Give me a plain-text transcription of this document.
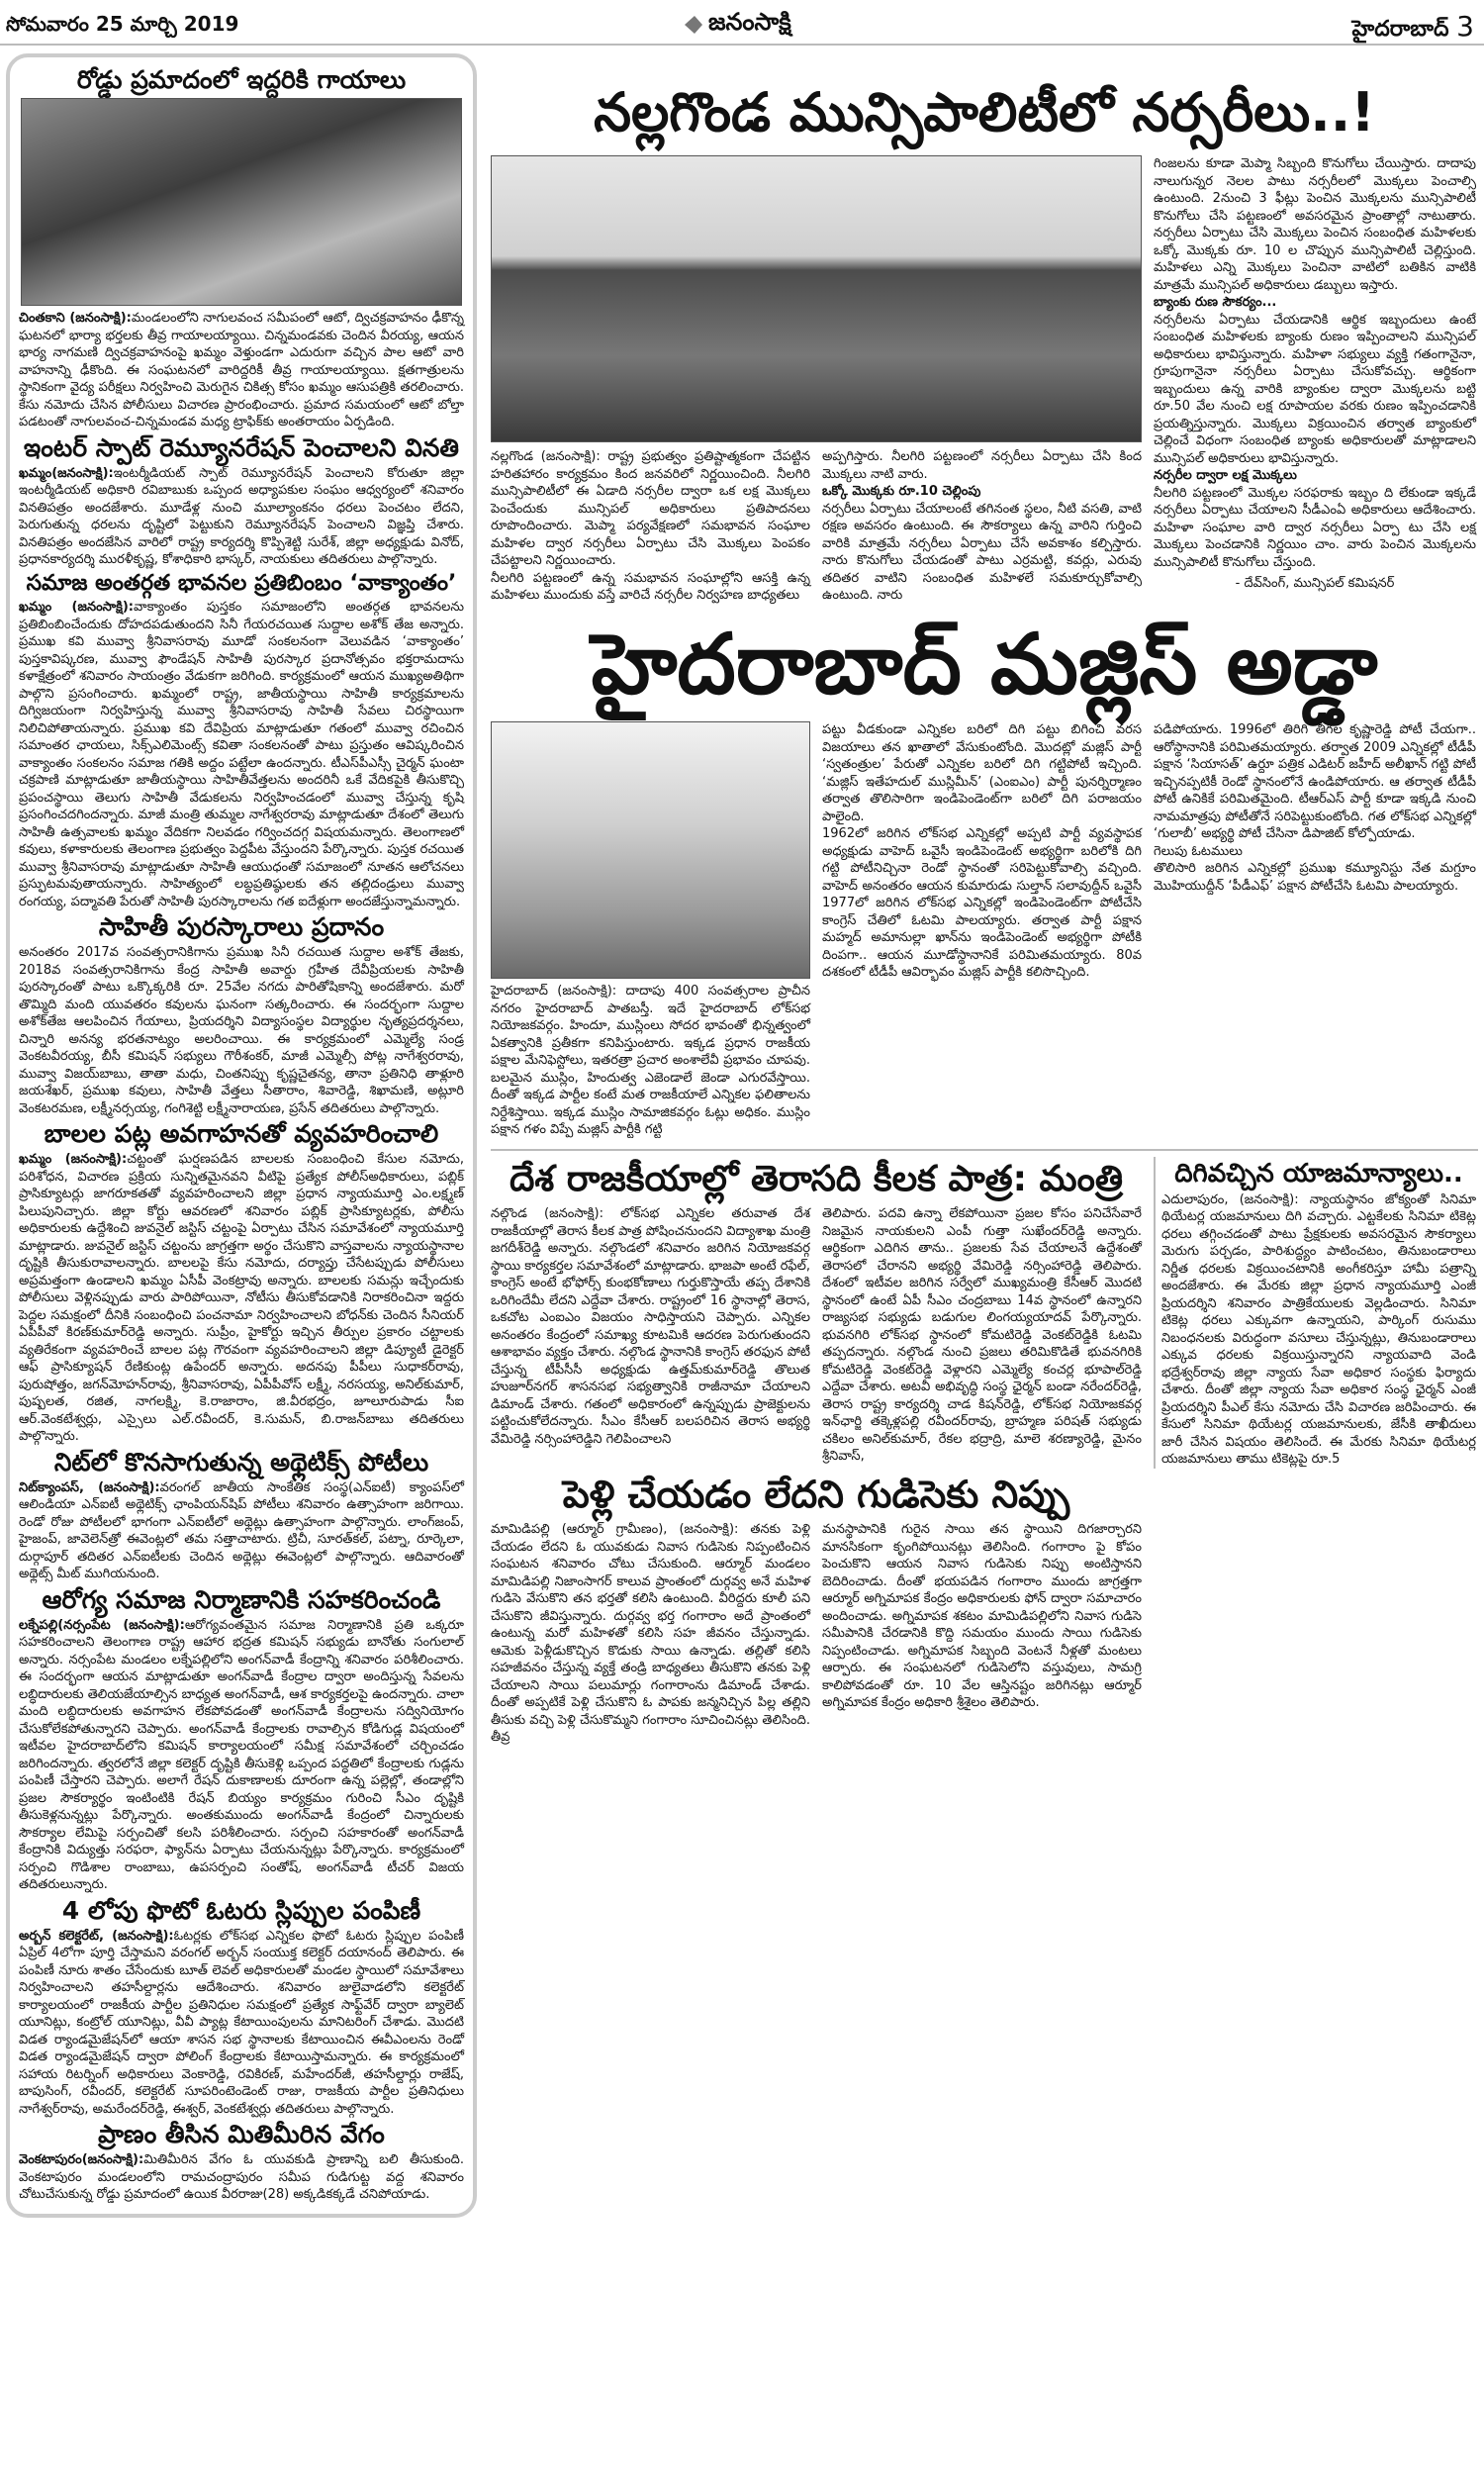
సోమవారం 25 మార్చి 2019	జనంసాక్షి	హైదరాబాద్ 3
రోడ్డు ప్రమాదంలో ఇద్దరికి గాయాలు
చింతకాని (జనంసాక్షి):మండలంలోని నాగులవంచ సమీపంలో ఆటో, ద్విచక్రవాహనం ఢీకొన్న ఘటనలో భార్యా భర్తలకు తీవ్ర గాయాలయ్యాయి. చిన్నమండవకు చెందిన వీరయ్య, ఆయన భార్య నాగమణి ద్విచక్రవాహనంపై ఖమ్మం వెళ్తుండగా ఎదురుగా వచ్చిన పాల ఆటో వారి వాహనాన్ని ఢీకొంది. ఈ సంఘటనలో వారిద్దరికీ తీవ్ర గాయాలయ్యాయి. క్షతగాత్రులను స్థానికంగా వైద్య పరీక్షలు నిర్వహించి మెరుగైన చికిత్స కోసం ఖమ్మం ఆసుపత్రికి తరలించారు. కేసు నమోదు చేసిన పోలీసులు విచారణ ప్రారంభించారు. ప్రమాద సమయంలో ఆటో బోల్తా పడటంతో నాగులవంచ-చిన్నమండవ మధ్య ట్రాఫిక్‌కు అంతరాయం ఏర్పడింది.
ఇంటర్ స్పాట్ రెమ్యూనరేషన్ పెంచాలని వినతి
ఖమ్మం(జనంసాక్షి):ఇంటర్మీడియట్ స్పాట్ రెమ్యూనరేషన్ పెంచాలని కోరుతూ జిల్లా ఇంటర్మీడియట్ అధికారి రవిబాబుకు ఒప్పంద అధ్యాపకుల సంఘం ఆధ్వర్యంలో శనివారం వినతిపత్రం అందజేశారు. మూడేళ్ల నుంచి మూల్యాంకనం ధరలు పెంచటం లేదని, పెరుగుతున్న ధరలను దృష్టిలో పెట్టుకుని రెమ్యూనరేషన్ పెంచాలని విజ్ఞప్తి చేశారు. వినతిపత్రం అందజేసిన వారిలో రాష్ట్ర కార్యదర్శి కొప్పిశెట్టి సురేశ్, జిల్లా అధ్యక్షుడు వినోద్, ప్రధానకార్యదర్శి మురళీకృష్ణ, కోశాధికారి భాస్కర్, నాయకులు తదితరులు పాల్గొన్నారు.
సమాజ అంతర్గత భావనల ప్రతిబింబం ‘వాక్యాంతం’
ఖమ్మం (జనంసాక్షి):వాక్యాంతం పుస్తకం సమాజంలోని అంతర్గత భావనలను ప్రతిబింబించేందుకు దోహదపడుతుందని సినీ గేయరచయిత సుద్దాల అశోక్ తేజ అన్నారు. ప్రముఖ కవి మువ్వా శ్రీనివాసరావు మూడో సంకలనంగా వెలువడిన ‘వాక్యాంతం’ పుస్తకావిష్కరణ, మువ్వా ఫౌండేషన్ సాహితీ పురస్కార ప్రదానోత్సవం భక్తరామదాసు కళాక్షేత్రంలో శనివారం సాయంత్రం వేడుకగా జరిగింది. కార్యక్రమంలో ఆయన ముఖ్యఅతిథిగా పాల్గొని ప్రసంగించారు. ఖమ్మంలో రాష్ట్ర, జాతీయస్థాయి సాహితీ కార్యక్రమాలను దిగ్విజయంగా నిర్వహిస్తున్న మువ్వా శ్రీనివాసరావు సాహితీ సేవలు చిరస్థాయిగా నిలిచిపోతాయన్నారు. ప్రముఖ కవి దేవిప్రియ మాట్లాడుతూ గతంలో మువ్వా రచించిన సమాంతర ఛాయలు, సిక్స్‌ఎలిమెంట్స్ కవితా సంకలనంతో పాటు ప్రస్తుతం ఆవిష్కరించిన వాక్యాంతం సంకలనం సమాజ గతికి అద్దం పట్టేలా ఉందన్నారు. టీఎస్‌పీఎస్సీ చైర్మన్ ఘంటా చక్రపాణి మాట్లాడుతూ జాతీయస్థాయి సాహితీవేత్తలను అందరినీ ఒకే వేదికపైకి తీసుకొచ్చి ప్రపంచస్థాయి తెలుగు సాహితీ వేడుకలను నిర్వహించడంలో మువ్వా చేస్తున్న కృషి ప్రసంగించదగిందన్నారు. మాజీ మంత్రి తుమ్మల నాగేశ్వరరావు మాట్లాడుతూ దేశంలో తెలుగు సాహితీ ఉత్సవాలకు ఖమ్మం వేదికగా నిలవడం గర్వించదగ్గ విషయమన్నారు. తెలంగాణలో కవులు, కళాకారులకు తెలంగాణ ప్రభుత్వం పెద్దపీట వేస్తుందని పేర్కొన్నారు. పుస్తక రచయిత మువ్వా శ్రీనివాసరావు మాట్లాడుతూ సాహితీ ఆయుధంతో సమాజంలో నూతన ఆలోచనలు ప్రస్ఫుటమవుతాయన్నారు. సాహిత్యంలో లబ్ధప్రతిష్ఠులకు తన తల్లిదండ్రులు మువ్వా రంగయ్య, పద్మావతి పేరుతో సాహితీ పురస్కారాలను గత ఐదేళ్లుగా అందజేస్తున్నామన్నారు.
సాహితీ పురస్కారాలు ప్రదానం
అనంతరం 2017వ సంవత్సరానికిగాను ప్రముఖ సినీ రచయిత సుద్దాల అశోక్ తేజకు, 2018వ సంవత్సరానికిగాను కేంద్ర సాహితీ అవార్డు గ్రహీత దేవీప్రియలకు సాహితీ పురస్కారంతో పాటు ఒక్కొక్కరికి రూ. 25వేల నగదు పారితోషికాన్ని అందజేశారు. మరో తొమ్మిది మంది యువతరం కవులను ఘనంగా సత్కరించారు. ఈ సందర్భంగా సుద్దాల అశోక్‌తేజ ఆలపించిన గేయాలు, ప్రియదర్శిని విద్యాసంస్థల విద్యార్థుల నృత్యప్రదర్శనలు, చిన్నారి అనన్య భరతనాట్యం అలరించాయి. ఈ కార్యక్రమంలో ఎమ్మెల్యే సండ్ర వెంకటవీరయ్య, బీసీ కమిషన్ సభ్యులు గౌరీశంకర్, మాజీ ఎమ్మెల్సీ పోట్ల నాగేశ్వరరావు, మువ్వా విజయ్‌బాబు, తాతా మధు, చింతనిప్పు కృష్ణచైతన్య, తానా ప్రతినిధి తాళ్లూరి జయశేఖర్, ప్రముఖ కవులు, సాహితీ వేత్తలు సీతారాం, శివారెడ్డి, శిఖామణి, అట్లూరి వెంకటరమణ, లక్ష్మీనర్సయ్య, గంగిశెట్టి లక్ష్మీనారాయణ, ప్రసేన్ తదితరులు పాల్గొన్నారు.
బాలల పట్ల అవగాహనతో వ్యవహరించాలి
ఖమ్మం (జనంసాక్షి):చట్టంతో ఘర్షణపడిన బాలలకు సంబంధించి కేసుల నమోదు, పరిశోధన, విచారణ ప్రక్రియ సున్నితమైనవని వీటిపై ప్రత్యేక పోలీస్‌అధికారులు, పబ్లిక్ ప్రాసిక్యూటర్లు జాగరూకతతో వ్యవహరించాలని జిల్లా ప్రధాన న్యాయమూర్తి ఎం.లక్ష్మణ్ పిలుపునిచ్చారు. జిల్లా కోర్టు ఆవరణలో శనివారం పబ్లిక్ ప్రాసిక్యూటర్లకు, పోలీసు అధికారులకు ఉద్దేశించి జువనైల్ జస్టిస్ చట్టంపై ఏర్పాటు చేసిన సమావేశంలో న్యాయమూర్తి మాట్లాడారు. జువనైల్ జస్టిస్ చట్టంను జాగ్రత్తగా అర్థం చేసుకొని వాస్తవాలను న్యాయస్థానాల దృష్టికి తీసుకురావాలన్నారు. బాలలపై కేసు నమోదు, దర్యాప్తు చేసేటప్పుడు పోలీసులు అప్రమత్తంగా ఉండాలని ఖమ్మం ఏసీపీ వెంకట్రావు అన్నారు. బాలలకు సమన్లు ఇచ్చేందుకు పోలీసులు వెళ్లినప్పుడు వారు పారిపోయినా, నోటీసు తీసుకోవడానికి నిరాకరించినా ఇద్దరు పెద్దల సమక్షంలో దీనికి సంబంధించి పంచనామా నిర్వహించాలని బోధన్‌కు చెందిన సీనియర్ ఏపీపీవో కిరణ్‌కుమార్‌రెడ్డి అన్నారు. సుప్రీం, హైకోర్టు ఇచ్చిన తీర్పుల ప్రకారం చట్టాలకు వ్యతిరేకంగా వ్యవహరించే బాలల పట్ల గౌరవంగా వ్యవహరించాలని జిల్లా డిప్యూటీ డైరెక్టర్ ఆఫ్ ప్రాసిక్యూషన్ రేణికుంట్ల ఉపేందర్ అన్నారు. అదనపు పీపీలు సుధాకర్‌రావు, పురుషోత్తం, జగన్‌మోహన్‌రావు, శ్రీనివాసరావు, ఏపీపీవోస్ లక్ష్మీ, నరసయ్య, అనిల్‌కుమార్, పుష్పలత, రజిత, నాగలక్ష్మి, కె.రాజారాం, జి.వీరభద్రం, జూలూరుపాడు సీఐ ఆర్.వెంకటేశ్వర్లు, ఎస్సైలు ఎల్.రవీందర్, కె.సుమన్, బి.రాజన్‌బాబు తదితరులు పాల్గొన్నారు.
నిట్‌లో కొనసాగుతున్న అథ్లెటిక్స్ పోటీలు
నిట్‌క్యాంపస్, (జనంసాక్షి):వరంగల్ జాతీయ సాంకేతిక సంస్థ(ఎన్ఐటీ) క్యాంపస్‌లో ఆలిండియా ఎన్ఐటీ అథ్లెటిక్స్ ఛాంపియన్‌షిప్ పోటీలు శనివారం ఉత్సాహంగా జరిగాయి. రెండో రోజు పోటీలలో భాగంగా ఎన్ఐటీలో అథ్లెట్లు ఉత్సాహంగా పాల్గొన్నారు. లాంగ్‌జంప్, హైజంప్, జావెలెన్‌త్రో ఈవెంట్లలో తమ సత్తాచాటారు. ట్రిచీ, సూరత్‌కల్, పట్నా, రూర్కెలా, దుర్గాపూర్ తదితర ఎన్ఐటీలకు చెందిన అథ్లెట్లు ఈవెంట్లలో పాల్గొన్నారు. ఆదివారంతో అథ్లెట్స్ మీట్ ముగియనుంది.
ఆరోగ్య సమాజ నిర్మాణానికి సహకరించండి
లక్నేపల్లి(నర్సంపేట (జనంసాక్షి):ఆరోగ్యవంతమైన సమాజ నిర్మాణానికి ప్రతి ఒక్కరూ సహకరించాలని తెలంగాణ రాష్ట్ర ఆహార భద్రత కమిషన్ సభ్యుడు బానోతు సంగులాల్ అన్నారు. నర్సంపేట మండలం లక్నేపల్లిలోని అంగన్‌వాడీ కేంద్రాన్ని శనివారం పరిశీలించారు. ఈ సందర్భంగా ఆయన మాట్లాడుతూ అంగన్‌వాడీ కేంద్రాల ద్వారా అందిస్తున్న సేవలను లబ్ధిదారులకు తెలియజేయాల్సిన బాధ్యత అంగన్‌వాడీ, ఆశ కార్యకర్తలపై ఉందన్నారు. చాలా మంది లబ్ధిదారులకు అవగాహన లేకపోవడంతో అంగన్‌వాడీ కేంద్రాలను సద్వినియోగం చేసుకోలేకపోతున్నారని చెప్పారు. అంగన్‌వాడీ కేంద్రాలకు రావాల్సిన కోడిగుడ్ల విషయంలో ఇటీవల హైదరాబాద్‌లోని కమిషన్ కార్యాలయంలో సమీక్ష సమావేశంలో చర్చించడం జరిగిందన్నారు. త్వరలోనే జిల్లా కలెక్టర్ దృష్టికి తీసుకెళ్లి ఒప్పంద పద్ధతిలో కేంద్రాలకు గుడ్లను పంపిణీ చేస్తారని చెప్పారు. అలాగే రేషన్ దుకాణాలకు దూరంగా ఉన్న పల్లెల్లో, తండాల్లోని ప్రజల సౌకర్యార్థం ఇంటింటికి రేషన్ బియ్యం కార్యక్రమం గురించి సీఎం దృష్టికి తీసుకెళ్లనున్నట్లు పేర్కొన్నారు. అంతకుముందు అంగన్‌వాడీ కేంద్రంలో చిన్నారులకు సౌకర్యాల లేమిపై సర్పంచితో కలసి పరిశీలించారు. సర్పంచి సహకారంతో అంగన్‌వాడీ కేంద్రానికి విద్యుత్తు సరఫరా, ఫ్యాన్‌ను ఏర్పాటు చేయనున్నట్లు పేర్కొన్నారు. కార్యక్రమంలో సర్పంచి గొడిశాల రాంబాబు, ఉపసర్పంచి సంతోష్, అంగన్‌వాడీ టీచర్ విజయ తదితరులున్నారు.
4 లోపు ఫొటో ఓటరు స్లిప్పుల పంపిణీ
అర్బన్ కలెక్టరేట్, (జనంసాక్షి):ఓటర్లకు లోక్‌సభ ఎన్నికల ఫొటో ఓటరు స్లిప్పుల పంపిణీ ఏప్రిల్ 4లోగా పూర్తి చేస్తామని వరంగల్ అర్బన్ సంయుక్త కలెక్టర్ దయానంద్ తెలిపారు. ఈ పంపిణీ నూరు శాతం చేసేందుకు బూత్ లెవల్ అధికారులతో మండల స్థాయిలో సమావేశాలు నిర్వహించాలని తహసీల్దార్లను ఆదేశించారు. శనివారం జులైవాడలోని కలెక్టరేట్ కార్యాలయంలో రాజకీయ పార్టీల ప్రతినిధుల సమక్షంలో ప్రత్యేక సాఫ్ట్‌వేర్ ద్వారా బ్యాలెట్ యూనిట్లు, కంట్రోల్ యూనిట్లు, వీవీ ప్యాట్ల కేటాయింపులను మానిటరింగ్ చేశాడు. మొదటి విడత ర్యాండమైజేషన్‌లో ఆయా శాసన సభ స్థానాలకు కేటాయించిన ఈవీఎంలను రెండో విడత ర్యాండమైజేషన్ ద్వారా పోలింగ్ కేంద్రాలకు కేటాయిస్తామన్నారు. ఈ కార్యక్రమంలో సహాయ రిటర్నింగ్ అధికారులు వెంకారెడ్డి, రవికిరణ్, మహేందర్‌జీ, తహసీల్దార్లు రాజేష్, బాపుసింగ్, రవీందర్, కలెక్టరేట్ సూపరింటెండెంట్ రాజు, రాజకీయ పార్టీల ప్రతినిధులు నాగేశ్వర్‌రావు, అమరేందర్‌రెడ్డి, ఈశ్వర్, వెంకటేశ్వర్లు తదితరులు పాల్గొన్నారు.
ప్రాణం తీసిన మితిమీరిన వేగం
వెంకటాపురం(జనంసాక్షి):మితిమీరిన వేగం ఓ యువకుడి ప్రాణాన్ని బలి తీసుకుంది. వెంకటాపురం మండలంలోని రామచంద్రాపురం సమీప గుడిగుట్ట వద్ద శనివారం చోటుచేసుకున్న రోడ్డు ప్రమాదంలో ఉయిక వీరరాజు(28) అక్కడికక్కడే చనిపోయాడు.
నల్లగొండ మున్సిపాలిటీలో నర్సరీలు..!

నల్లగొండ (జనంసాక్షి): రాష్ట్ర ప్రభుత్వం ప్రతిష్టాత్మకంగా చేపట్టిన హరితహారం కార్యక్రమం కింద జనవరిలో నిర్ణయించింది. నీలగిరి మున్సిపాలిటీలో ఈ ఏడాది నర్సరీల ద్వారా ఒక లక్ష మొక్కలు పెంచేందుకు మున్సిపల్ అధికారులు ప్రతిపాదనలు రూపొందించారు. మెప్మా పర్యవేక్షణలో సమభావన సంఘాల మహిళల ద్వార నర్సరీలు ఏర్పాటు చేసి మొక్కలు పెంపకం చేపట్టాలని నిర్ణయించారు.

నీలగిరి పట్టణంలో ఉన్న సమభావన సంఘాల్లోని ఆసక్తి ఉన్న మహిళలు ముందుకు వస్తే వారిచే నర్సరీల నిర్వహణ బాధ్యతలు

అప్పగిస్తారు. నీలగిరి పట్టణంలో నర్సరీలు ఏర్పాటు చేసి కింద మొక్కలు నాటి వారు.

ఒక్కో మొక్కకు రూ.10 చెల్లింపు

నర్సరీలు ఏర్పాటు చేయాలంటే తగినంత స్థలం, నీటి వసతి, వాటి రక్షణ అవసరం ఉంటుంది. ఈ సౌకర్యాలు ఉన్న వారిని గుర్తించి వారికి మాత్రమే నర్సరీలు ఏర్పాటు చేసే అవకాశం కల్పిస్తారు. నారు కొనుగోలు చేయడంతో పాటు ఎర్రమట్టి, కవర్లు, ఎరువు తదితర వాటిని సంబంధిత మహిళలే సమకూర్చుకోవాల్సి ఉంటుంది. నారు

గింజలను కూడా మెప్మా సిబ్బంది కొనుగోలు చేయిస్తారు. దాదాపు నాలుగున్నర నెలల పాటు నర్సరీలలో మొక్కలు పెంచాల్సి ఉంటుంది. 2నుంచి 3 ఫీట్లు పెంచిన మొక్కలను మున్సిపాలిటీ కొనుగోలు చేసి పట్టణంలో అవసరమైన ప్రాంతాల్లో నాటుతారు. నర్సరీలు ఏర్పాటు చేసి మొక్కలు పెంచిన సంబంధిత మహిళలకు ఒక్కో మొక్కకు రూ. 10 ల చొప్పున మున్సిపాలిటీ చెల్లిస్తుంది. మహిళలు ఎన్ని మొక్కలు పెంచినా వాటిలో బతికిన వాటికి మాత్రమే మున్సిపల్ అధికారులు డబ్బులు ఇస్తారు.

బ్యాంకు రుణ సౌకర్యం...

నర్సరీలను ఏర్పాటు చేయడానికి ఆర్థిక ఇబ్బందులు ఉంటే సంబంధిత మహిళలకు బ్యాంకు రుణం ఇప్పించాలని మున్సిపల్ అధికారులు భావిస్తున్నారు. మహిళా సభ్యులు వ్యక్తి గతంగానైనా, గ్రూపుగానైనా నర్సరీలు ఏర్పాటు చేసుకోవచ్చు. ఆర్థికంగా ఇబ్బందులు ఉన్న వారికి బ్యాంకుల ద్వారా మొక్కలను బట్టి రూ.50 వేల నుంచి లక్ష రూపాయల వరకు రుణం ఇప్పించడానికి ప్రయత్నిస్తున్నారు. మొక్కలు విక్రయించిన తర్వాత బ్యాంకులో చెల్లించే విధంగా సంబంధిత బ్యాంకు అధికారులతో మాట్లాడాలని మున్సిపల్ అధికారులు భావిస్తున్నారు.

నర్సరీల ద్వారా లక్ష మొక్కలు

నీలగిరి పట్టణంలో మొక్కల సరఫరాకు ఇబ్బం ది లేకుండా ఇక్కడే నర్సరీలు ఏర్పాటు చేయాలని సీడీఎంఏ అధికారులు ఆదేశించారు. మహిళా సంఘాల వారి ద్వార నర్సరీలు ఏర్పా టు చేసి లక్ష మొక్కలు పెంచడానికి నిర్ణయిం చాం. వారు పెంచిన మొక్కలను మున్సిపాలిటీ కొనుగోలు చేస్తుంది.

- దేవ్‌సింగ్, మున్సిపల్ కమిషనర్

హైదరాబాద్ మజ్లిస్ అడ్డా

హైదరాబాద్ (జనంసాక్షి): దాదాపు 400 సంవత్సరాల ప్రాచీన నగరం హైదరాబాద్ పాతబస్తీ. ఇదే హైదరాబాద్ లోక్‌సభ నియోజకవర్గం. హిందూ, ముస్లింలు సోదర భావంతో భిన్నత్వంలో ఏకత్వానికి ప్రతీకగా కనిపిస్తుంటారు. ఇక్కడ ప్రధాన రాజకీయ పక్షాల మేనిఫెస్టోలు, ఇతరత్రా ప్రచార అంశాలేవీ ప్రభావం చూపవు. బలమైన ముస్లిం, హిందుత్వ ఎజెండాలే జెండా ఎగురవేస్తాయి. దీంతో ఇక్కడ పార్టీల కంటే మత రాజకీయాలే ఎన్నికల ఫలితాలను నిర్దేశిస్తాయి. ఇక్కడ ముస్లిం సామాజికవర్గం ఓట్లు అధికం. ముస్లిం పక్షాన గళం విప్పే మజ్లిస్ పార్టీకి గట్టి

పట్టు వీడకుండా ఎన్నికల బరిలో దిగి పట్టు బిగించి వరస విజయాలు తన ఖాతాలో వేసుకుంటోంది. మొదట్లో మజ్లిస్ పార్టీ ‘స్వతంత్రుల’ పేరుతో ఎన్నికల బరిలో దిగి గట్టిపోటీ ఇచ్చింది. ‘మజ్లిస్ ఇతేహదుల్ ముస్లిమీన్’ (ఎంఐఎం) పార్టీ పునర్నిర్మాణం తర్వాత తొలిసారిగా ఇండిపెండెంట్‌గా బరిలో దిగి పరాజయం పాలైంది.

1962లో జరిగిన లోక్‌సభ ఎన్నికల్లో అప్పటి పార్టీ వ్యవస్థాపక అధ్యక్షుడు వాహెద్ ఒవైసీ ఇండిపెండెంట్ అభ్యర్థిగా బరిలోకి దిగి గట్టి పోటీనిచ్చినా రెండో స్థానంతో సరిపెట్టుకోవాల్సి వచ్చింది. వాహెద్ అనంతరం ఆయన కుమారుడు సుల్తాన్ సలావుద్దీన్ ఒవైసీ 1977లో జరిగిన లోక్‌సభ ఎన్నికల్లో ఇండిపెండెంట్‌గా పోటీచేసి కాంగ్రెస్ చేతిలో ఓటమి పాలయ్యారు. తర్వాత పార్టీ పక్షాన మహ్మద్ అమానుల్లా ఖాన్‌ను ఇండిపెండెంట్ అభ్యర్థిగా పోటీకి దింపగా.. ఆయన మూడోస్థానానికే పరిమితమయ్యారు. 80వ దశకంలో టీడీపీ ఆవిర్భావం మజ్లిస్ పార్టీకి కలిసొచ్చింది.

పడిపోయారు. 1996లో తిరిగి తీగల కృష్ణారెడ్డి పోటీ చేయగా.. ఆరోస్థానానికి పరిమితమయ్యారు. తర్వాత 2009 ఎన్నికల్లో టీడీపీ పక్షాన ‘సియాసత్’ ఉర్దూ పత్రిక ఎడిటర్ జహీద్ అలీఖాన్ గట్టి పోటీ ఇచ్చినప్పటికీ రెండో స్థానంలోనే ఉండిపోయారు. ఆ తర్వాత టీడీపీ పోటీ ఉనికికే పరిమితమైంది. టీఆర్ఎస్ పార్టీ కూడా ఇక్కడి నుంచి నామమాత్రపు పోటీతోనే సరిపెట్టుకుంటోంది. గత లోక్‌సభ ఎన్నికల్లో ‘గులాబీ’ అభ్యర్థి పోటీ చేసినా డిపాజిట్ కోల్పోయాడు.

గెలుపు ఓటములు

తొలిసారి జరిగిన ఎన్నికల్లో ప్రముఖ కమ్యూనిస్టు నేత మగ్దూం మొహియుద్దీన్ ‘పీడీఎఫ్’ పక్షాన పోటీచేసి ఓటమి పాలయ్యారు.

దేశ రాజకీయాల్లో తెరాసది కీలక పాత్ర: మంత్రి

నల్గొండ (జనంసాక్షి): లోక్‌సభ ఎన్నికల తరువాత దేశ రాజకీయాల్లో తెరాస కీలక పాత్ర పోషించనుందని విద్యాశాఖ మంత్రి జగదీశ్‌రెడ్డి అన్నారు. నల్గొండలో శనివారం జరిగిన నియోజకవర్గ స్థాయి కార్యకర్తల సమావేశంలో మాట్లాడారు. భాజపా అంటే రఫేల్, కాంగ్రెస్ అంటే భోఫోర్స్ కుంభకోణాలు గుర్తుకొస్తాయే తప్ప దేశానికి ఒరిగిందేమీ లేదని ఎద్దేవా చేశారు. రాష్ట్రంలో 16 స్థానాల్లో తెరాస, ఒకచోట ఎంఐఎం విజయం సాధిస్తాయని చెప్పారు. ఎన్నికల అనంతరం కేంద్రంలో సమాఖ్య కూటమికి ఆదరణ పెరుగుతుందని ఆశాభావం వ్యక్తం చేశారు. నల్గొండ స్థానానికి కాంగ్రెస్ తరఫున పోటీ చేస్తున్న టీపీసీసీ అధ్యక్షుడు ఉత్తమ్‌కుమార్‌రెడ్డి తొలుత హుజూర్‌నగర్ శాసనసభ సభ్యత్వానికి రాజీనామా చేయాలని డిమాండ్ చేశారు. గతంలో అధికారంలో ఉన్నప్పుడు ప్రాజెక్టులను పట్టించుకోలేదన్నారు. సీఎం కేసీఆర్ బలపరిచిన తెరాస అభ్యర్థి వేమిరెడ్డి నర్సింహారెడ్డిని గెలిపించాలని

తెలిపారు. పదవి ఉన్నా లేకపోయినా ప్రజల కోసం పనిచేసేవారే నిజమైన నాయకులని ఎంపీ గుత్తా సుఖేందర్‌రెడ్డి అన్నారు. ఆర్థికంగా ఎదిగిన తాను.. ప్రజలకు సేవ చేయాలనే ఉద్దేశంతో తెరాసలో చేరానని అభ్యర్థి వేమిరెడ్డి నర్సింహారెడ్డి తెలిపారు. దేశంలో ఇటీవల జరిగిన సర్వేలో ముఖ్యమంత్రి కేసీఆర్ మొదటి స్థానంలో ఉంటే ఏపీ సీఎం చంద్రబాబు 14వ స్థానంలో ఉన్నారని రాజ్యసభ సభ్యుడు బడుగుల లింగయ్యయాదవ్ పేర్కొన్నారు. భువనగిరి లోక్‌సభ స్థానంలో కోమటిరెడ్డి వెంకట్‌రెడ్డికి ఓటమి తప్పదన్నారు. నల్గొండ నుంచి ప్రజలు తరిమికొడితే భువనగిరికి కోమటిరెడ్డి వెంకట్‌రెడ్డి వెళ్లారని ఎమ్మెల్యే కంచర్ల భూపాల్‌రెడ్డి ఎద్దేవా చేశారు. అటవీ అభివృద్ధి సంస్థ ఛైర్మన్ బండా నరేందర్‌రెడ్డి, తెరాస రాష్ట్ర కార్యదర్శి చాడ కిషన్‌రెడ్డి, లోక్‌సభ నియోజకవర్గ ఇన్‌ఛార్జి తక్కెళ్లపల్లి రవీందర్‌రావు, బ్రాహ్మణ పరిషత్ సభ్యుడు చకిలం అనిల్‌కుమార్, రేకల భద్రాద్రి, మాలె శరణ్యారెడ్డి, మైనం శ్రీనివాస్,

పెళ్లి చేయడం లేదని గుడిసెకు నిప్పు

మామిడిపల్లి (ఆర్మూర్ గ్రామీణం), (జనంసాక్షి): తనకు పెళ్లి చేయడం లేదని ఓ యువకుడు నివాస గుడిసెకు నిప్పంటించిన సంఘటన శనివారం చోటు చేసుకుంది. ఆర్మూర్ మండలం మామిడిపల్లి నిజాంసాగర్ కాలువ ప్రాంతంలో దుర్గవ్వ అనే మహిళ గుడిసె వేసుకొని తన భర్తతో కలిసి ఉంటుంది. వీరిద్దరు కూలీ పని చేసుకొని జీవిస్తున్నారు. దుర్గవ్వ భర్త గంగారాం అదే ప్రాంతంలో ఉంటున్న మరో మహిళతో కలిసి సహ జీవనం చేస్తున్నాడు. ఆమెకు పెళ్లీడుకొచ్చిన కొడుకు సాయి ఉన్నాడు. తల్లితో కలిసి సహజీవనం చేస్తున్న వ్యక్తే తండ్రి బాధ్యతలు తీసుకొని తనకు పెళ్లి చేయాలని సాయి పలుమార్లు గంగారాంను డిమాండ్ చేశాడు. దీంతో అప్పటికే పెళ్లి చేసుకొని ఓ పాపకు జన్మనిచ్చిన పిల్ల తల్లిని తీసుకు వచ్చి పెళ్లి చేసుకొమ్మని గంగారాం సూచించినట్లు తెలిసింది. తీవ్ర

మనస్థాపానికి గురైన సాయి తన స్థాయిని దిగజార్చారని మానసికంగా కృంగిపోయినట్లు తెలిసింది. గంగారాం పై కోపం పెంచుకొని ఆయన నివాస గుడిసెకు నిప్పు అంటిస్తానని బెదిరించాడు. దీంతో భయపడిన గంగారాం ముందు జాగ్రత్తగా ఆర్మూర్ అగ్నిమాపక కేంద్రం అధికారులకు ఫోన్ ద్వారా సమాచారం అందించాడు. అగ్నిమాపక శకటం మామిడిపల్లిలోని నివాస గుడిసె సమీపానికి చేరడానికి కొద్ది సమయం ముందు సాయి గుడిసెకు నిప్పంటించాడు. అగ్నిమాపక సిబ్బంది వెంటనే నీళ్లతో మంటలు ఆర్పారు. ఈ సంఘటనలో గుడిసెలోని వస్తువులు, సామగ్రి కాలిపోవడంతో రూ. 10 వేల ఆస్తినష్టం జరిగినట్లు ఆర్మూర్ అగ్నిమాపక కేంద్రం అధికారి శ్రీశైలం తెలిపారు.

దిగివచ్చిన యాజమాన్యాలు..

ఎదులాపురం, (జనంసాక్షి): న్యాయస్థానం జోక్యంతో సినిమా థియేటర్ల యజమానులు దిగి వచ్చారు. ఎట్టకేలకు సినిమా టికెట్ల ధరలు తగ్గించడంతో పాటు ప్రేక్షకులకు అవసరమైన సౌకర్యాలు మెరుగు పర్చడం, పారిశుద్ధ్యం పాటించటం, తినుబండారాలు నిర్ణీత ధరలకు విక్రయించటానికి అంగీకరిస్తూ హామీ పత్రాన్ని అందజేశారు. ఈ మేరకు జిల్లా ప్రధాన న్యాయమూర్తి ఎంజీ ప్రియదర్శిని శనివారం పాత్రికేయులకు వెల్లడించారు. సినిమా టికెట్ల ధరలు ఎక్కువగా ఉన్నాయని, పార్కింగ్ రుసుము నిబంధనలకు విరుద్ధంగా వసూలు చేస్తున్నట్లు, తినుబండారాలు ఎక్కువ ధరలకు విక్రయిస్తున్నారని న్యాయవాది వెండి భద్రేశ్వర్‌రావు జిల్లా న్యాయ సేవా అధికార సంస్థకు ఫిర్యాదు చేశారు. దీంతో జిల్లా న్యాయ సేవా అధికార సంస్థ ఛైర్మన్ ఎంజీ ప్రియదర్శిని పీఎల్ కేసు నమోదు చేసి విచారణ జరిపించారు. ఈ కేసులో సినిమా థియేటర్ల యజమానులకు, జేసీకి తాఖీదులు జారీ చేసిన విషయం తెలిసిందే. ఈ మేరకు సినిమా థియేటర్ల యజమానులు తాము టికెట్లపై రూ.5
